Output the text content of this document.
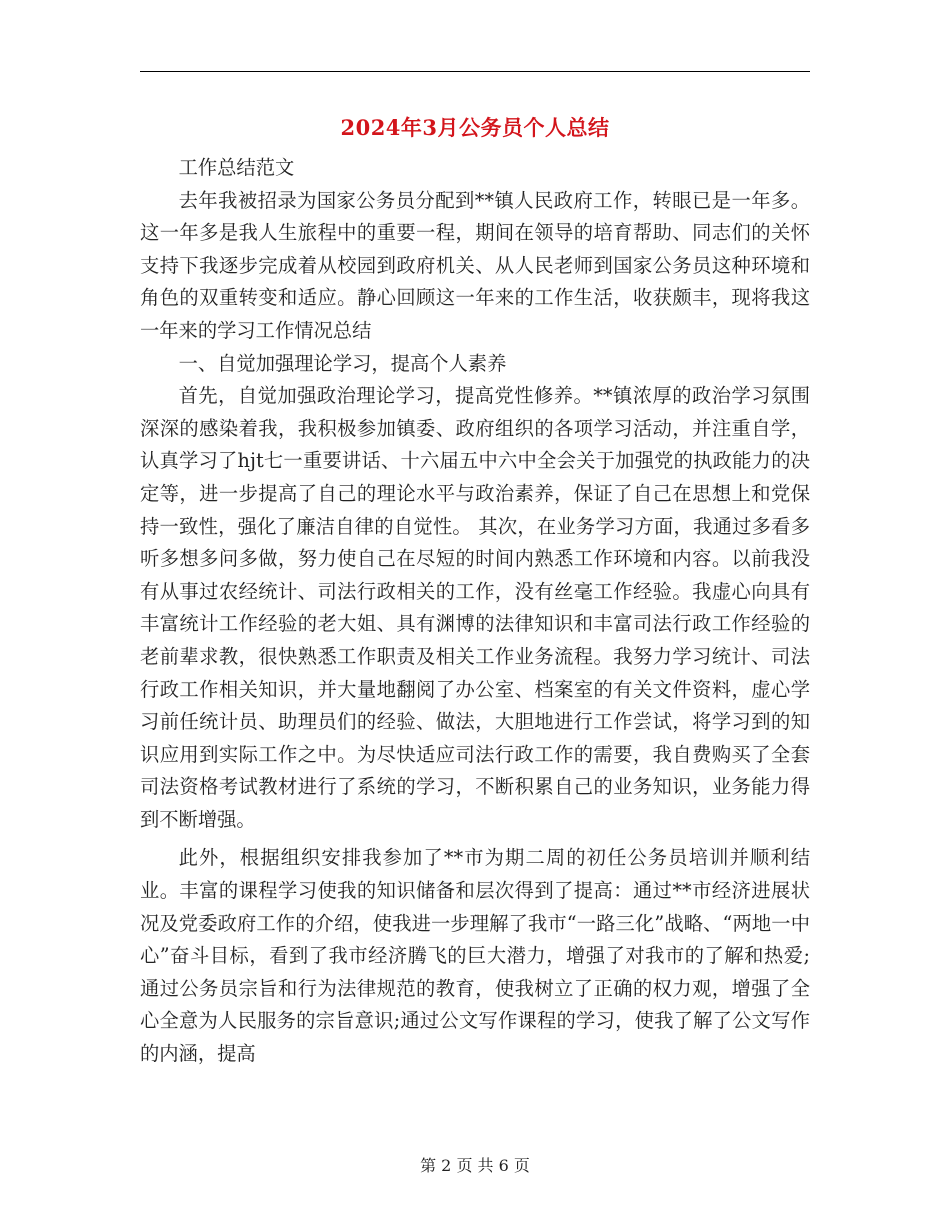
2024年3月公务员个人总结

工作总结范文

去年我被招录为国家公务员分配到**镇人民政府工作，转眼已是一年多。这一年多是我人生旅程中的重要一程，期间在领导的培育帮助、同志们的关怀支持下我逐步完成着从校园到政府机关、从人民老师到国家公务员这种环境和角色的双重转变和适应。静心回顾这一年来的工作生活，收获颇丰，现将我这一年来的学习工作情况总结

一、自觉加强理论学习，提高个人素养

首先，自觉加强政治理论学习，提高党性修养。**镇浓厚的政治学习氛围深深的感染着我，我积极参加镇委、政府组织的各项学习活动，并注重自学，认真学习了hjt七一重要讲话、十六届五中六中全会关于加强党的执政能力的决定等，进一步提高了自己的理论水平与政治素养，保证了自己在思想上和党保持一致性，强化了廉洁自律的自觉性。 其次，在业务学习方面，我通过多看多听多想多问多做，努力使自己在尽短的时间内熟悉工作环境和内容。以前我没有从事过农经统计、司法行政相关的工作，没有丝毫工作经验。我虚心向具有丰富统计工作经验的老大姐、具有渊博的法律知识和丰富司法行政工作经验的老前辈求教，很快熟悉工作职责及相关工作业务流程。我努力学习统计、司法行政工作相关知识，并大量地翻阅了办公室、档案室的有关文件资料，虚心学习前任统计员、助理员们的经验、做法，大胆地进行工作尝试，将学习到的知识应用到实际工作之中。为尽快适应司法行政工作的需要，我自费购买了全套司法资格考试教材进行了系统的学习，不断积累自己的业务知识，业务能力得到不断增强。

此外，根据组织安排我参加了**市为期二周的初任公务员培训并顺利结业。丰富的课程学习使我的知识储备和层次得到了提高：通过**市经济进展状况及党委政府工作的介绍，使我进一步理解了我市“一路三化”战略、“两地一中心”奋斗目标，看到了我市经济腾飞的巨大潜力，增强了对我市的了解和热爱;通过公务员宗旨和行为法律规范的教育，使我树立了正确的权力观，增强了全心全意为人民服务的宗旨意识;通过公文写作课程的学习，使我了解了公文写作的内涵，提高

第 2 页 共 6 页
